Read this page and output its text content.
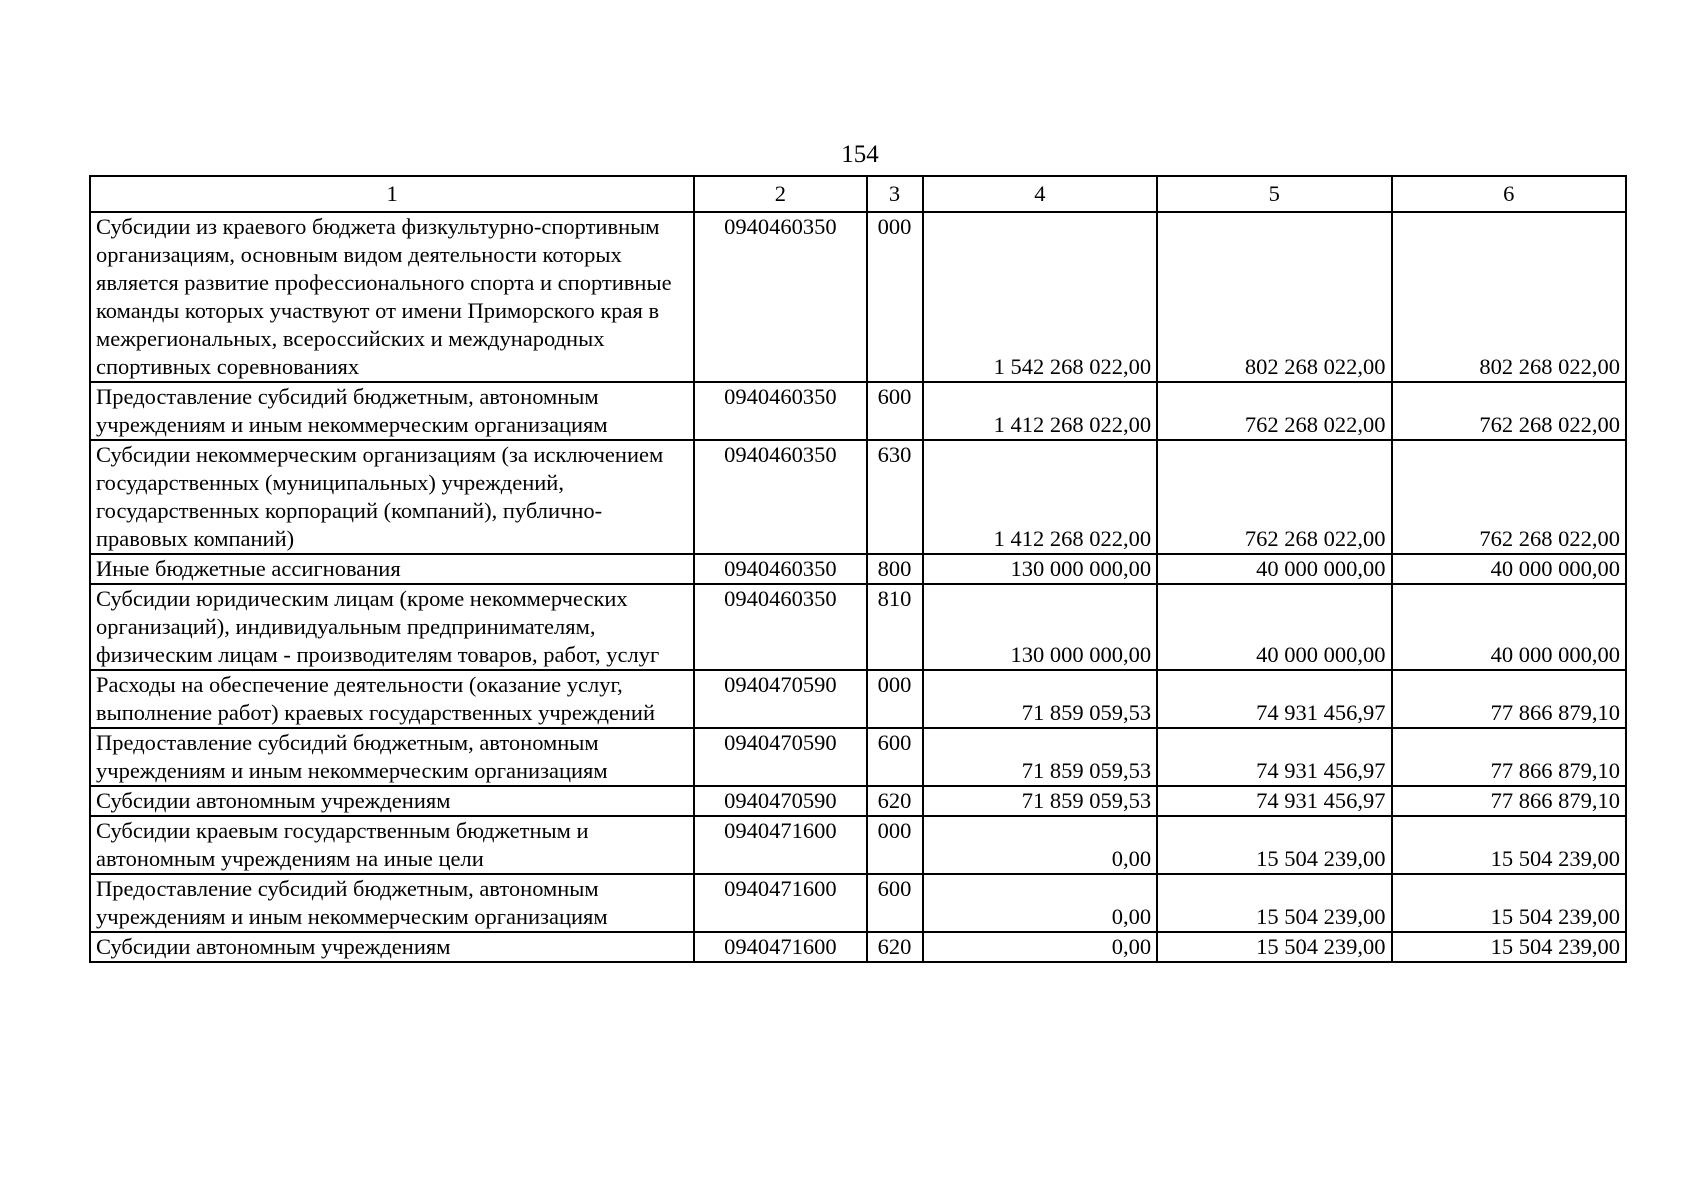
154
1	2	3	4	5	6
Субсидии из краевого бюджета физкультурно-спортивным организациям, основным видом деятельности которых является развитие профессионального спорта и спортивные команды которых участвуют от имени Приморского края в межрегиональных, всероссийских и международных спортивных соревнованиях	0940460350	000	1 542 268 022,00	802 268 022,00	802 268 022,00
Предоставление субсидий бюджетным, автономным учреждениям и иным некоммерческим организациям	0940460350	600	1 412 268 022,00	762 268 022,00	762 268 022,00
Субсидии некоммерческим организациям (за исключением государственных (муниципальных) учреждений, государственных корпораций (компаний), публично-правовых компаний)	0940460350	630	1 412 268 022,00	762 268 022,00	762 268 022,00
Иные бюджетные ассигнования	0940460350	800	130 000 000,00	40 000 000,00	40 000 000,00
Субсидии юридическим лицам (кроме некоммерческих организаций), индивидуальным предпринимателям, физическим лицам - производителям товаров, работ, услуг	0940460350	810	130 000 000,00	40 000 000,00	40 000 000,00
Расходы на обеспечение деятельности (оказание услуг, выполнение работ) краевых государственных учреждений	0940470590	000	71 859 059,53	74 931 456,97	77 866 879,10
Предоставление субсидий бюджетным, автономным учреждениям и иным некоммерческим организациям	0940470590	600	71 859 059,53	74 931 456,97	77 866 879,10
Субсидии автономным учреждениям	0940470590	620	71 859 059,53	74 931 456,97	77 866 879,10
Субсидии краевым государственным бюджетным и автономным учреждениям на иные цели	0940471600	000	0,00	15 504 239,00	15 504 239,00
Предоставление субсидий бюджетным, автономным учреждениям и иным некоммерческим организациям	0940471600	600	0,00	15 504 239,00	15 504 239,00
Субсидии автономным учреждениям	0940471600	620	0,00	15 504 239,00	15 504 239,00
